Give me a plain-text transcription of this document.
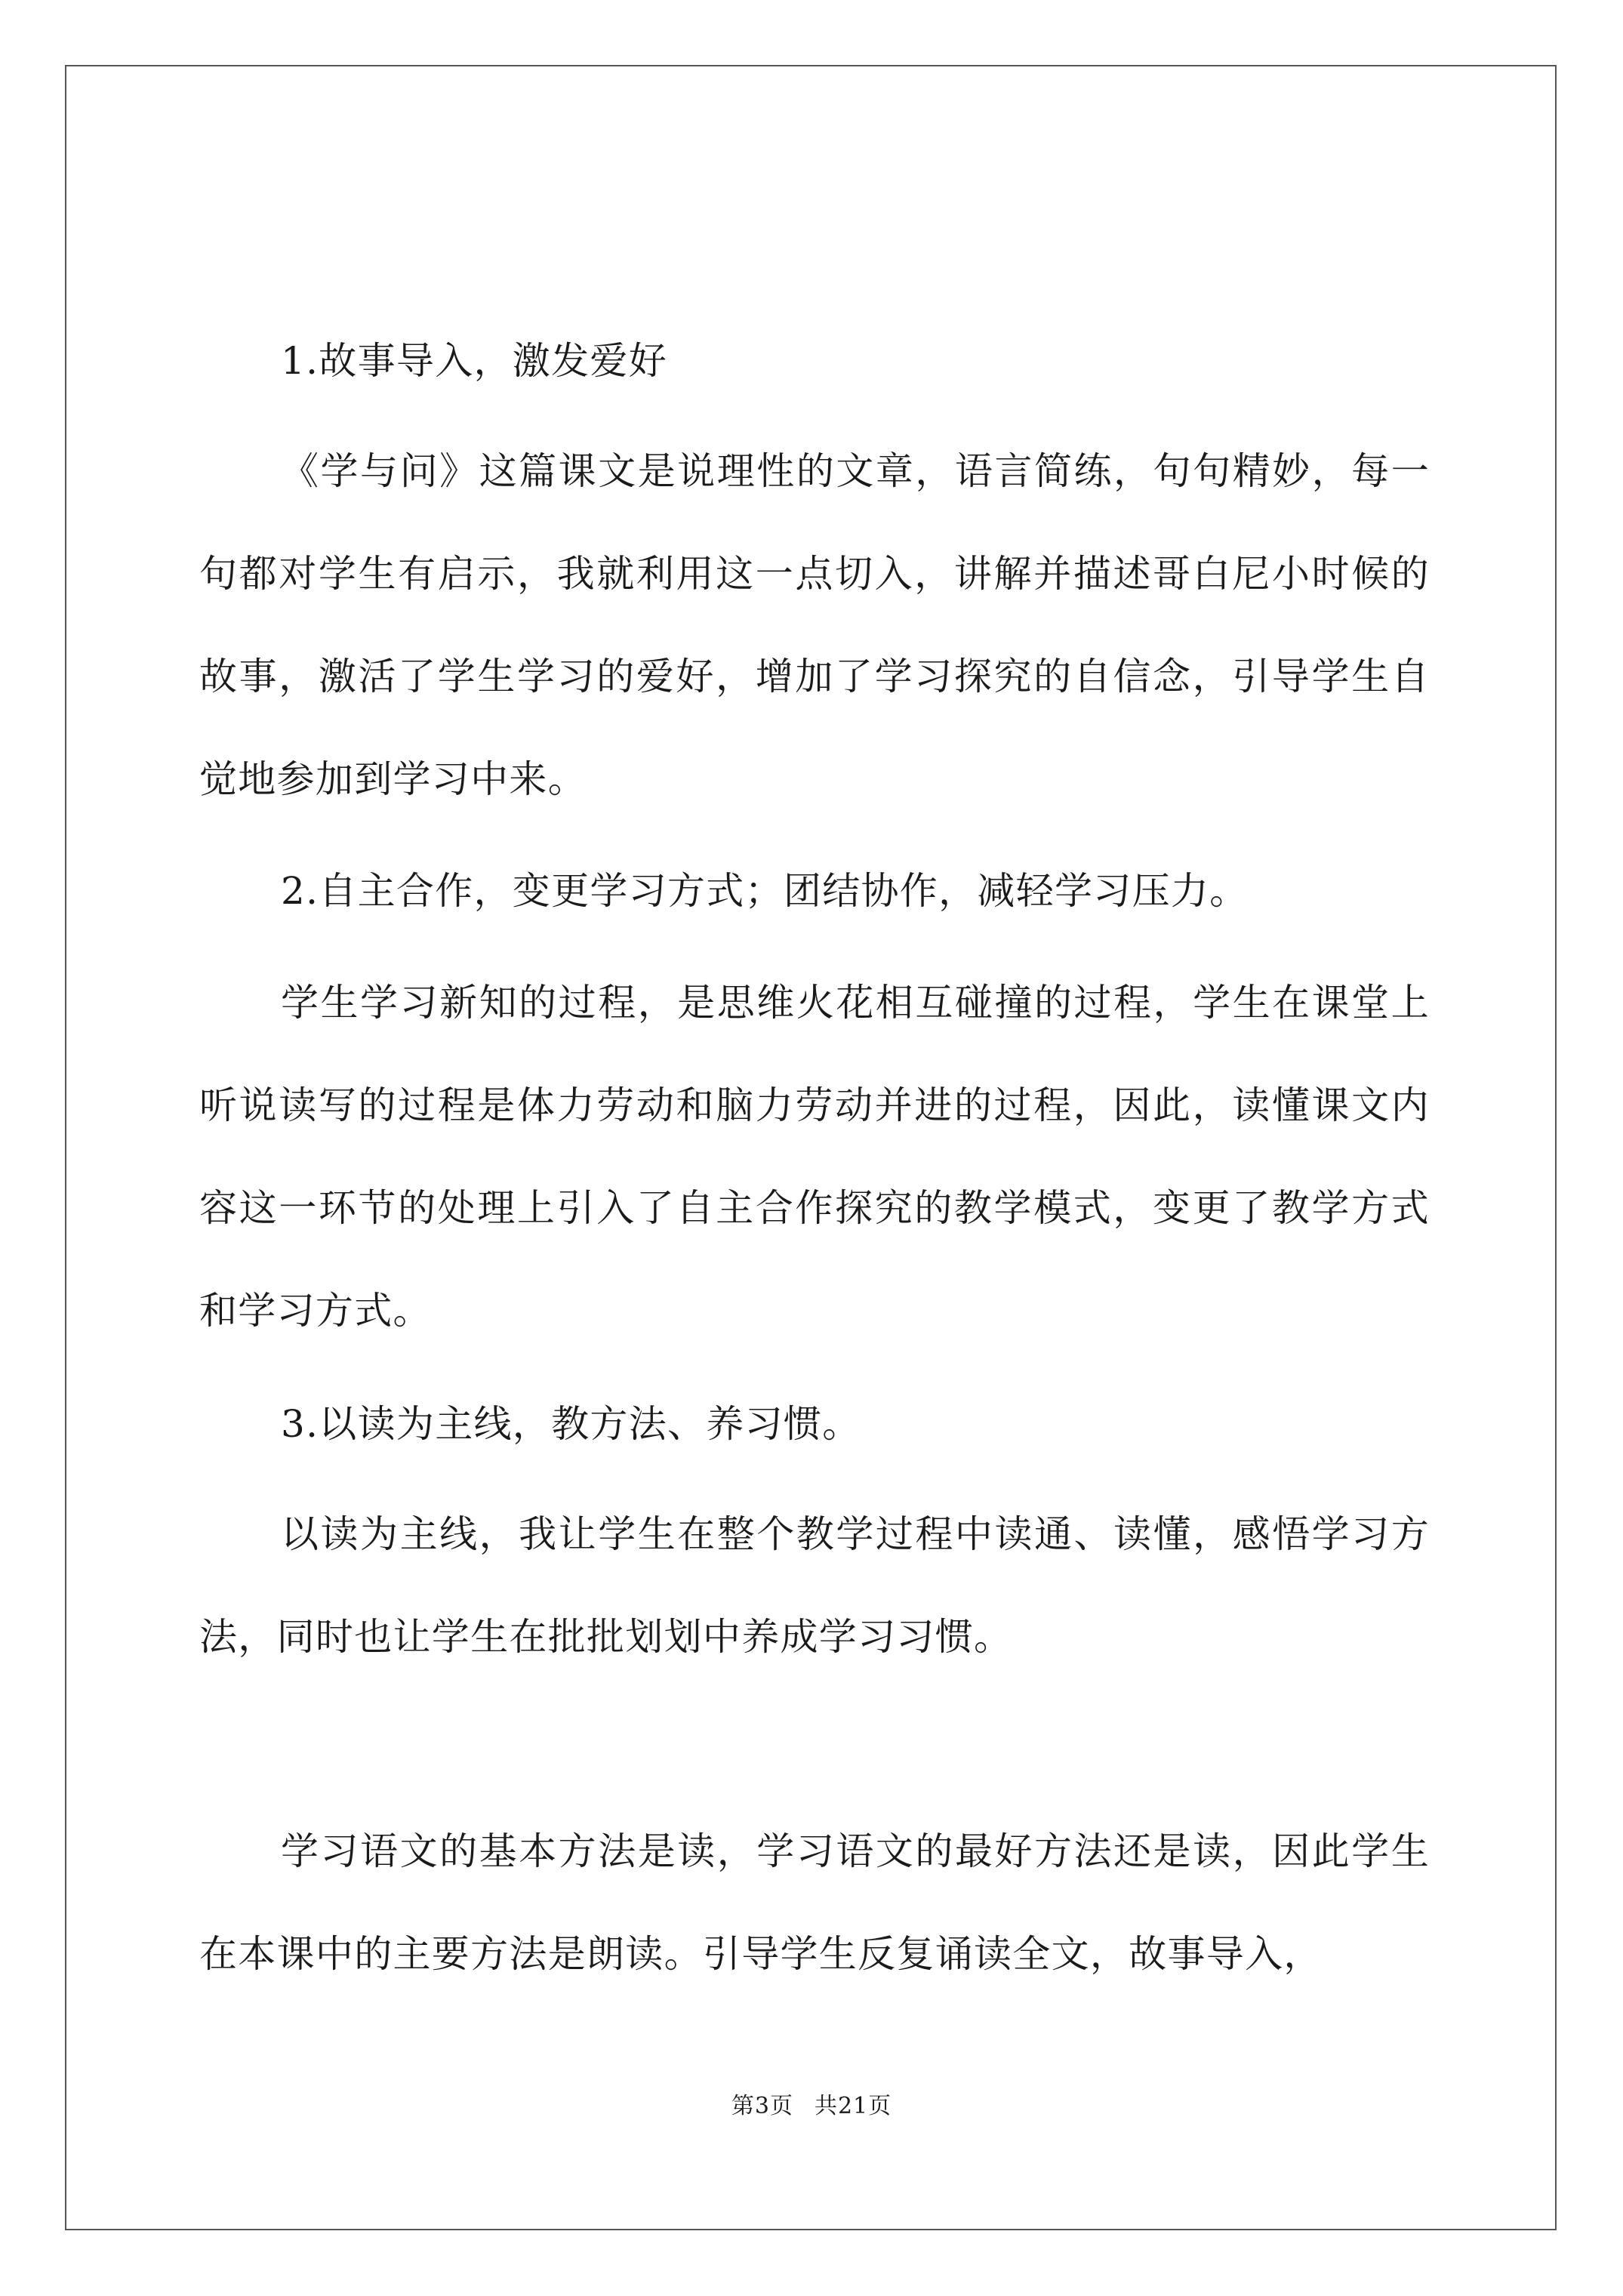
1.故事导入，激发爱好

《学与问》这篇课文是说理性的文章，语言简练，句句精妙，每一句都对学生有启示，我就利用这一点切入，讲解并描述哥白尼小时候的故事，激活了学生学习的爱好，增加了学习探究的自信念，引导学生自觉地参加到学习中来。

2.自主合作，变更学习方式；团结协作，减轻学习压力。

学生学习新知的过程，是思维火花相互碰撞的过程，学生在课堂上听说读写的过程是体力劳动和脑力劳动并进的过程，因此，读懂课文内容这一环节的处理上引入了自主合作探究的教学模式，变更了教学方式和学习方式。

3.以读为主线，教方法、养习惯。

以读为主线，我让学生在整个教学过程中读通、读懂，感悟学习方法，同时也让学生在批批划划中养成学习习惯。

学习语文的基本方法是读，学习语文的最好方法还是读，因此学生在本课中的主要方法是朗读。引导学生反复诵读全文，故事导入，

第3页 共21页
